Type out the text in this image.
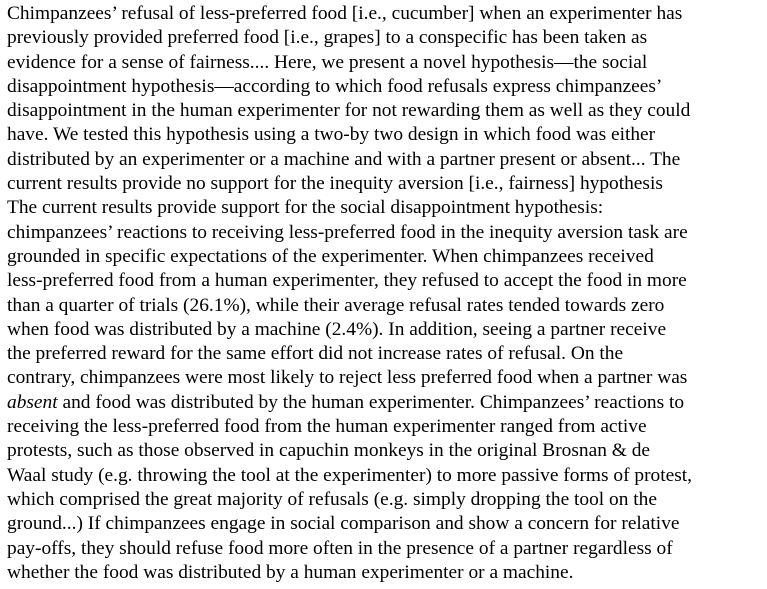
Chimpanzees’ refusal of less-preferred food [i.e., cucumber] when an experimenter has
previously provided preferred food [i.e., grapes] to a conspecific has been taken as
evidence for a sense of fairness.... Here, we present a novel hypothesis—the social
disappointment hypothesis—according to which food refusals express chimpanzees’
disappointment in the human experimenter for not rewarding them as well as they could
have. We tested this hypothesis using a two-by two design in which food was either
distributed by an experimenter or a machine and with a partner present or absent... The
current results provide no support for the inequity aversion [i.e., fairness] hypothesis
The current results provide support for the social disappointment hypothesis:
chimpanzees’ reactions to receiving less-preferred food in the inequity aversion task are
grounded in specific expectations of the experimenter. When chimpanzees received
less-preferred food from a human experimenter, they refused to accept the food in more
than a quarter of trials (26.1%), while their average refusal rates tended towards zero
when food was distributed by a machine (2.4%). In addition, seeing a partner receive
the preferred reward for the same effort did not increase rates of refusal. On the
contrary, chimpanzees were most likely to reject less preferred food when a partner was
absent and food was distributed by the human experimenter. Chimpanzees’ reactions to
receiving the less-preferred food from the human experimenter ranged from active
protests, such as those observed in capuchin monkeys in the original Brosnan & de
Waal study (e.g. throwing the tool at the experimenter) to more passive forms of protest,
which comprised the great majority of refusals (e.g. simply dropping the tool on the
ground...) If chimpanzees engage in social comparison and show a concern for relative
pay-offs, they should refuse food more often in the presence of a partner regardless of
whether the food was distributed by a human experimenter or a machine.
